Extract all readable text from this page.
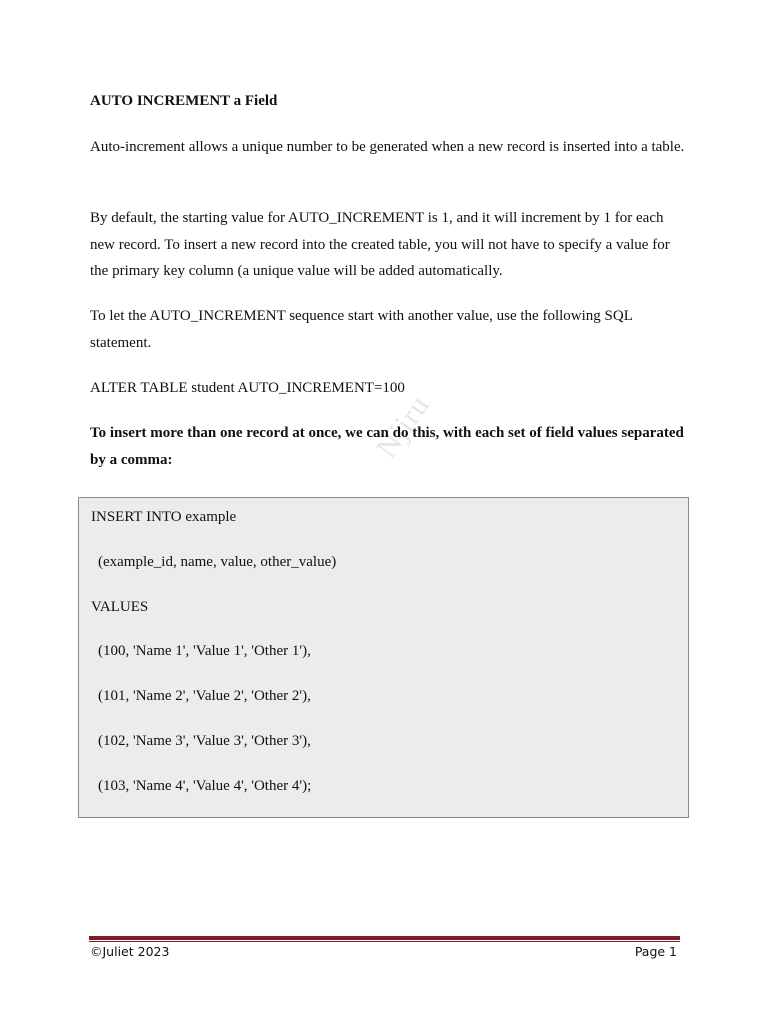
Njiru

AUTO INCREMENT a Field

Auto-increment allows a unique number to be generated when a new record is inserted into a table.

By default, the starting value for AUTO_INCREMENT is 1, and it will increment by 1 for each new record. To insert a new record into the created table, you will not have to specify a value for the primary key column (a unique value will be added automatically.

To let the AUTO_INCREMENT sequence start with another value, use the following SQL statement.

ALTER TABLE student AUTO_INCREMENT=100

To insert more than one record at once, we can do this, with each set of field values separated by a comma:

INSERT INTO example

(example_id, name, value, other_value)

VALUES

(100, 'Name 1', 'Value 1', 'Other 1'),

(101, 'Name 2', 'Value 2', 'Other 2'),

(102, 'Name 3', 'Value 3', 'Other 3'),

(103, 'Name 4', 'Value 4', 'Other 4');

©Juliet 2023	Page 1
